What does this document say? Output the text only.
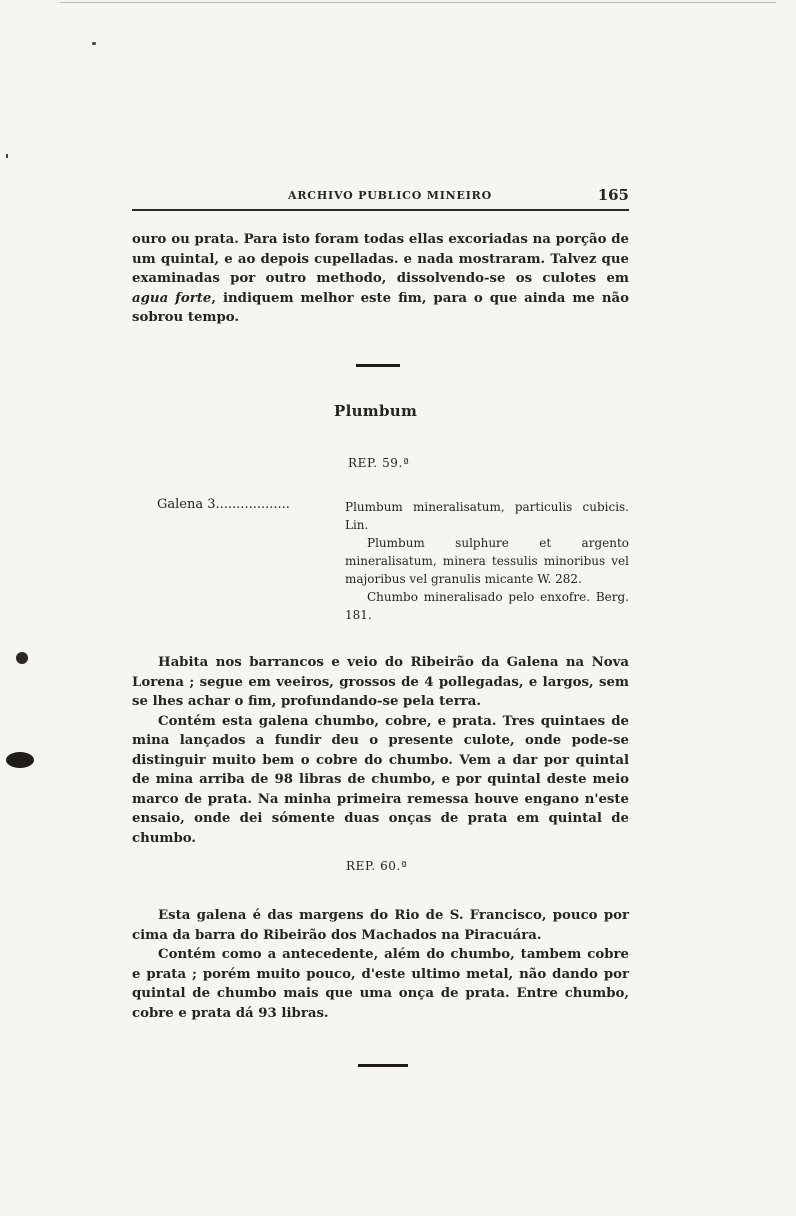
ARCHIVO PUBLICO MINEIRO	165

ouro ou prata. Para isto foram todas ellas excoriadas na porção de um quintal, e ao depois cupelladas. e nada mostraram. Talvez que examinadas por outro methodo, dissolvendo-se os culotes em agua forte, indiquem melhor este fim, para o que ainda me não sobrou tempo.

Plumbum
REP. 59.ª
Galena 3..................	Plumbum mineralisatum, particulis cubicis. Lin.

Plumbum sulphure et argento mineralisatum, minera tessulis minoribus vel majoribus vel granulis micante W. 282.

Chumbo mineralisado pelo enxofre. Berg. 181.

Habita nos barrancos e veio do Ribeirão da Galena na Nova Lorena ; segue em veeiros, grossos de 4 pollegadas, e largos, sem se lhes achar o fim, profundando-se pela terra.

Contém esta galena chumbo, cobre, e prata. Tres quintaes de mina lançados a fundir deu o presente culote, onde pode-se distinguir muito bem o cobre do chumbo. Vem a dar por quintal de mina arriba de 98 libras de chumbo, e por quintal deste meio marco de prata. Na minha primeira remessa houve engano n'este ensaio, onde dei sómente duas onças de prata em quintal de chumbo.

REP. 60.ª

Esta galena é das margens do Rio de S. Francisco, pouco por cima da barra do Ribeirão dos Machados na Piracuára.

Contém como a antecedente, além do chumbo, tambem cobre e prata ; porém muito pouco, d'este ultimo metal, não dando por quintal de chumbo mais que uma onça de prata. Entre chumbo, cobre e prata dá 93 libras.
